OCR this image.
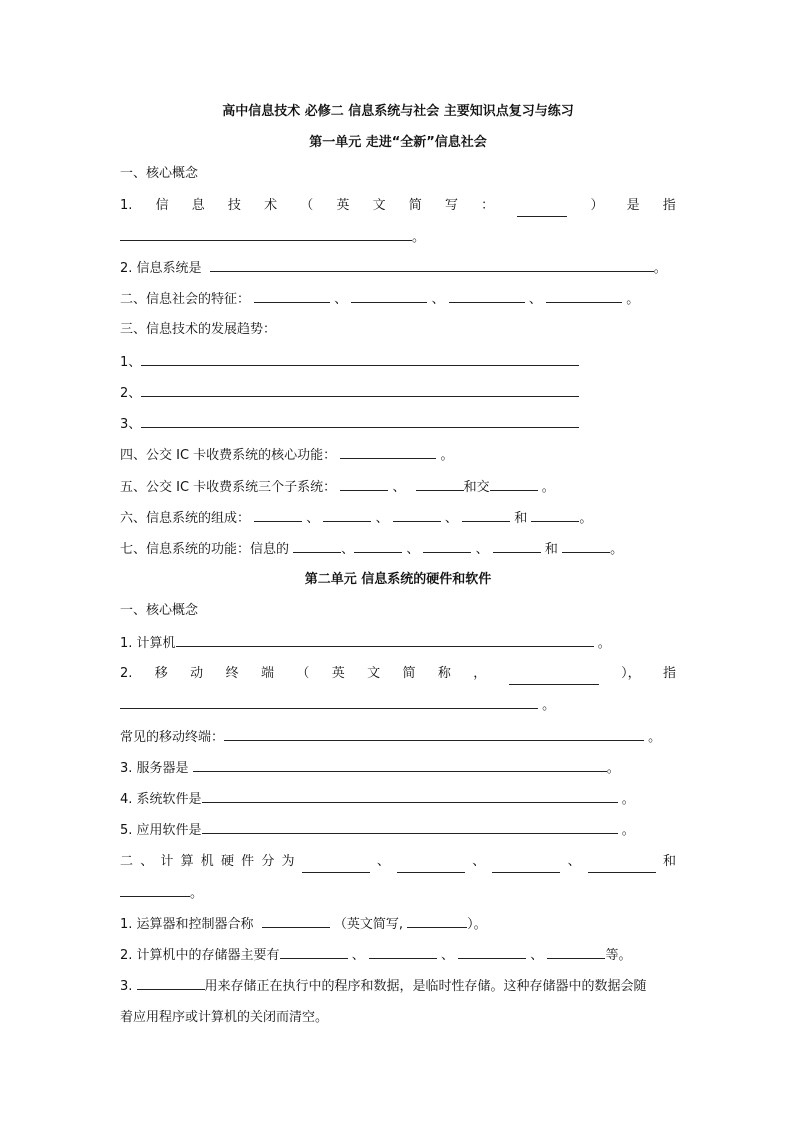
高中信息技术 必修二 信息系统与社会 主要知识点复习与练习
第一单元 走进“全新”信息社会
一、核心概念
1. 信 息 技 术 （ 英 文 简 写 ：	） 是 指
。
2. 信息系统是	。
二、信息社会的特征：	、	、	、	。
三、信息技术的发展趋势：
1、
2、
3、
四、公交 IC 卡收费系统的核心功能：	。
五、公交 IC 卡收费系统三个子系统：	、	和交	。
六、信息系统的组成：	、	、	、	和	。
七、信息系统的功能：信息的	、	、	、	和	。
第二单元 信息系统的硬件和软件
一、核心概念
1. 计算机	。
2. 移 动 终 端 （ 英 文 简 称 ，	）， 指
。
常见的移动终端：	。
3. 服务器是	。
4. 系统软件是	。
5. 应用软件是	。
二 、 计 算 机 硬 件 分 为	、	、	、	和
。
1. 运算器和控制器合称	（英文简写,	）。
2. 计算机中的存储器主要有	、	、	、	等。
3.	用来存储正在执行中的程序和数据，是临时性存储。这种存储器中的数据会随
着应用程序或计算机的关闭而清空。
